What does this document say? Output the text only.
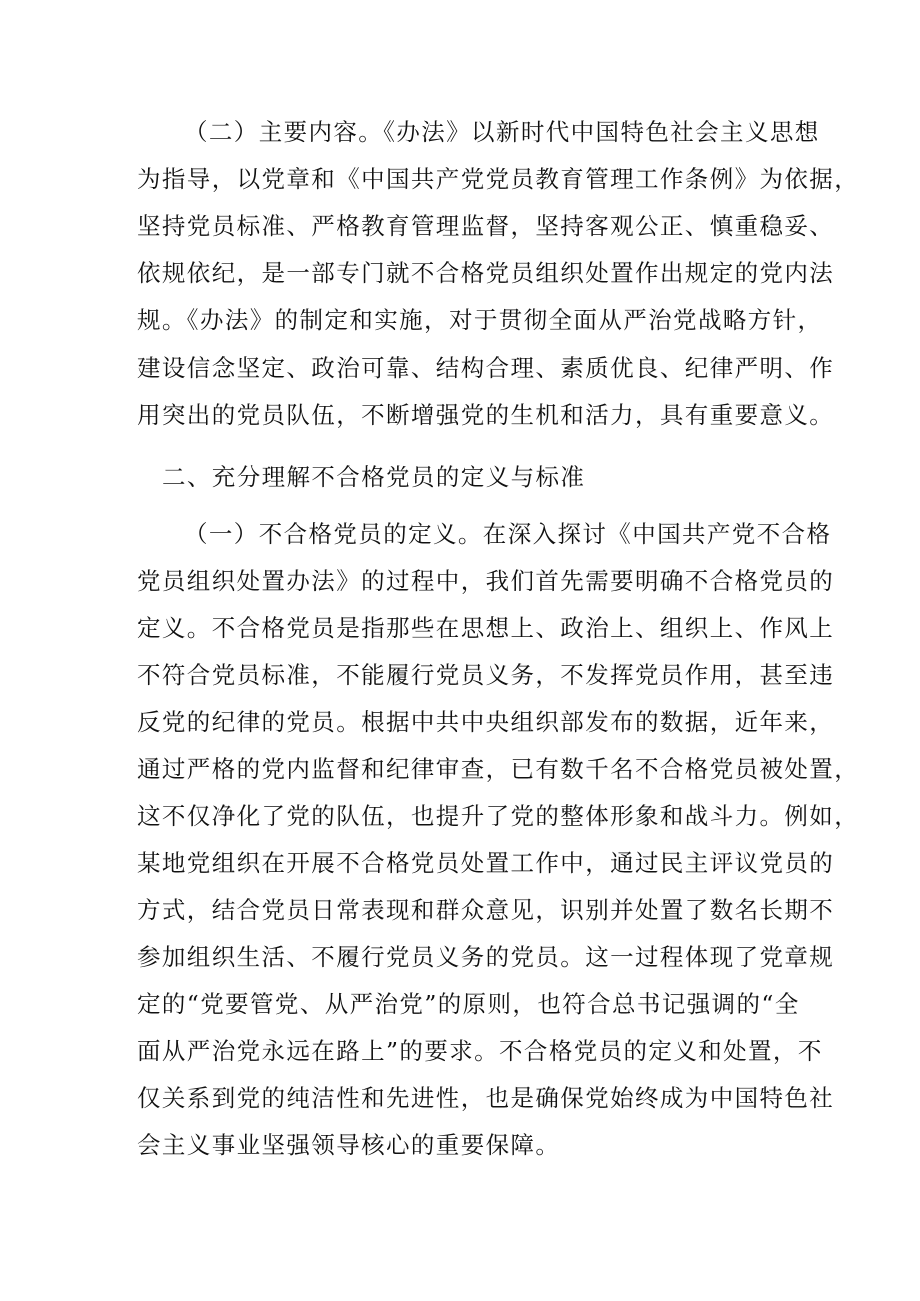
（二）主要内容。《办法》以新时代中国特色社会主义思想
为指导，以党章和《中国共产党党员教育管理工作条例》为依据，
坚持党员标准、严格教育管理监督，坚持客观公正、慎重稳妥、
依规依纪，是一部专门就不合格党员组织处置作出规定的党内法
规。《办法》的制定和实施，对于贯彻全面从严治党战略方针，
建设信念坚定、政治可靠、结构合理、素质优良、纪律严明、作
用突出的党员队伍，不断增强党的生机和活力，具有重要意义。
二、充分理解不合格党员的定义与标准
（一）不合格党员的定义。在深入探讨《中国共产党不合格
党员组织处置办法》的过程中，我们首先需要明确不合格党员的
定义。不合格党员是指那些在思想上、政治上、组织上、作风上
不符合党员标准，不能履行党员义务，不发挥党员作用，甚至违
反党的纪律的党员。根据中共中央组织部发布的数据，近年来，
通过严格的党内监督和纪律审查，已有数千名不合格党员被处置，
这不仅净化了党的队伍，也提升了党的整体形象和战斗力。例如，
某地党组织在开展不合格党员处置工作中，通过民主评议党员的
方式，结合党员日常表现和群众意见，识别并处置了数名长期不
参加组织生活、不履行党员义务的党员。这一过程体现了党章规
定的“党要管党、从严治党”的原则，也符合总书记强调的“全
面从严治党永远在路上”的要求。不合格党员的定义和处置，不
仅关系到党的纯洁性和先进性，也是确保党始终成为中国特色社
会主义事业坚强领导核心的重要保障。
